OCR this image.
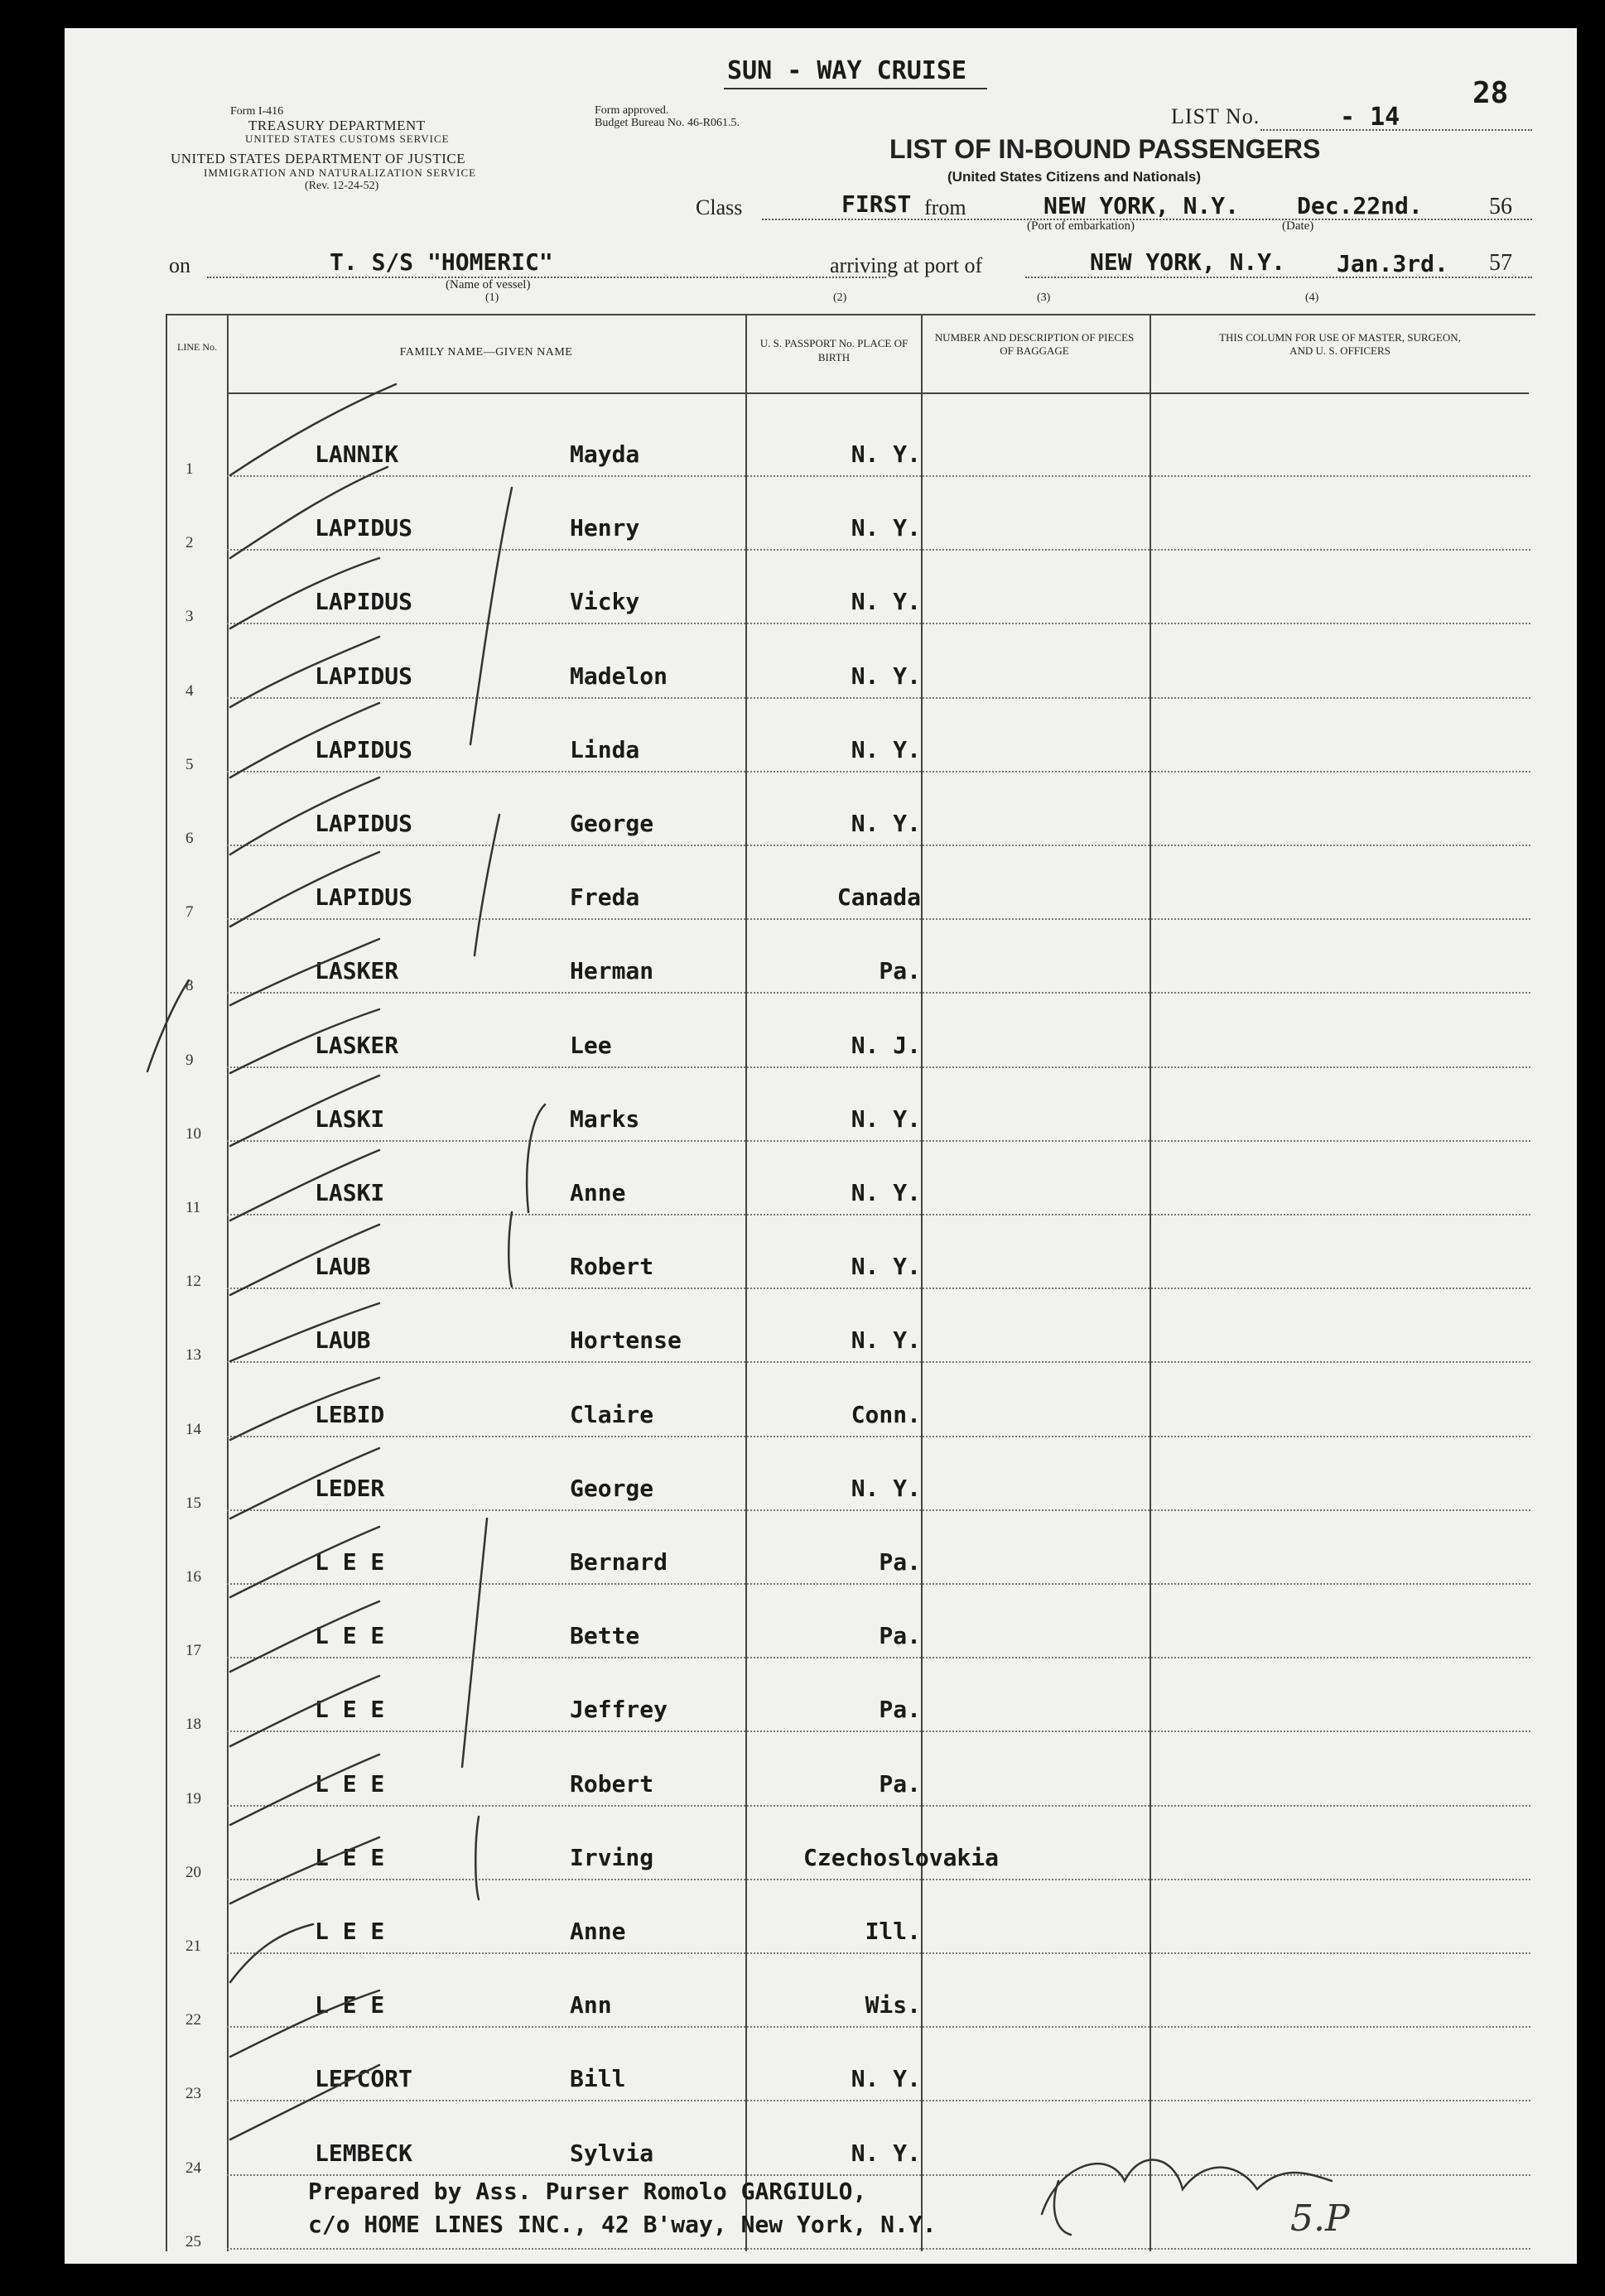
SUN - WAY CRUISE
28
Form I-416
TREASURY DEPARTMENT
UNITED STATES CUSTOMS SERVICE
UNITED STATES DEPARTMENT OF JUSTICE
IMMIGRATION AND NATURALIZATION SERVICE
(Rev. 12-24-52)
Form approved.
Budget Bureau No. 46-R061.5.	LIST No.	- 14
LIST OF IN-BOUND PASSENGERS
(United States Citizens and Nationals)
Class	FIRST from	NEW YORK, N.Y. Dec.22nd.	56
(Port of embarkation)	(Date)
on	T. S/S "HOMERIC"
(Name of vessel)
(1)
arriving at port of	NEW YORK, N.Y. Jan.3rd. 57
(2)	(3)	(4)
LINE No.	FAMILY NAME—GIVEN NAME
U. S. PASSPORT No. PLACE OF BIRTH
NUMBER AND DESCRIPTION OF PIECES OF BAGGAGE
THIS COLUMN FOR USE OF MASTER, SURGEON, AND U. S. OFFICERS
1
LANNIK	Mayda	N. Y.
2
LAPIDUS	Henry	N. Y.
3
LAPIDUS	Vicky	N. Y.
4
LAPIDUS	Madelon	N. Y.
5
LAPIDUS	Linda	N. Y.
6
LAPIDUS	George	N. Y.
7
LAPIDUS	Freda	Canada
8
LASKER	Herman	Pa.
9
LASKER	Lee	N. J.
10
LASKI	Marks	N. Y.
11
LASKI	Anne	N. Y.
12
LAUB	Robert	N. Y.
13
LAUB	Hortense	N. Y.
14
LEBID	Claire	Conn.
15
LEDER	George	N. Y.
16
L E E	Bernard	Pa.
17
L E E	Bette	Pa.
18
L E E	Jeffrey	Pa.
19
L E E	Robert	Pa.
20
L E E	Irving	Czechoslovakia
21
L E E	Anne	Ill.
22
L E E	Ann	Wis.
23
LEFCORT	Bill	N. Y.
24
LEMBECK	Sylvia	N. Y.
25
Prepared by Ass. Purser Romolo GARGIULO,
c/o HOME LINES INC., 42 B'way, New York, N.Y.	5.P
